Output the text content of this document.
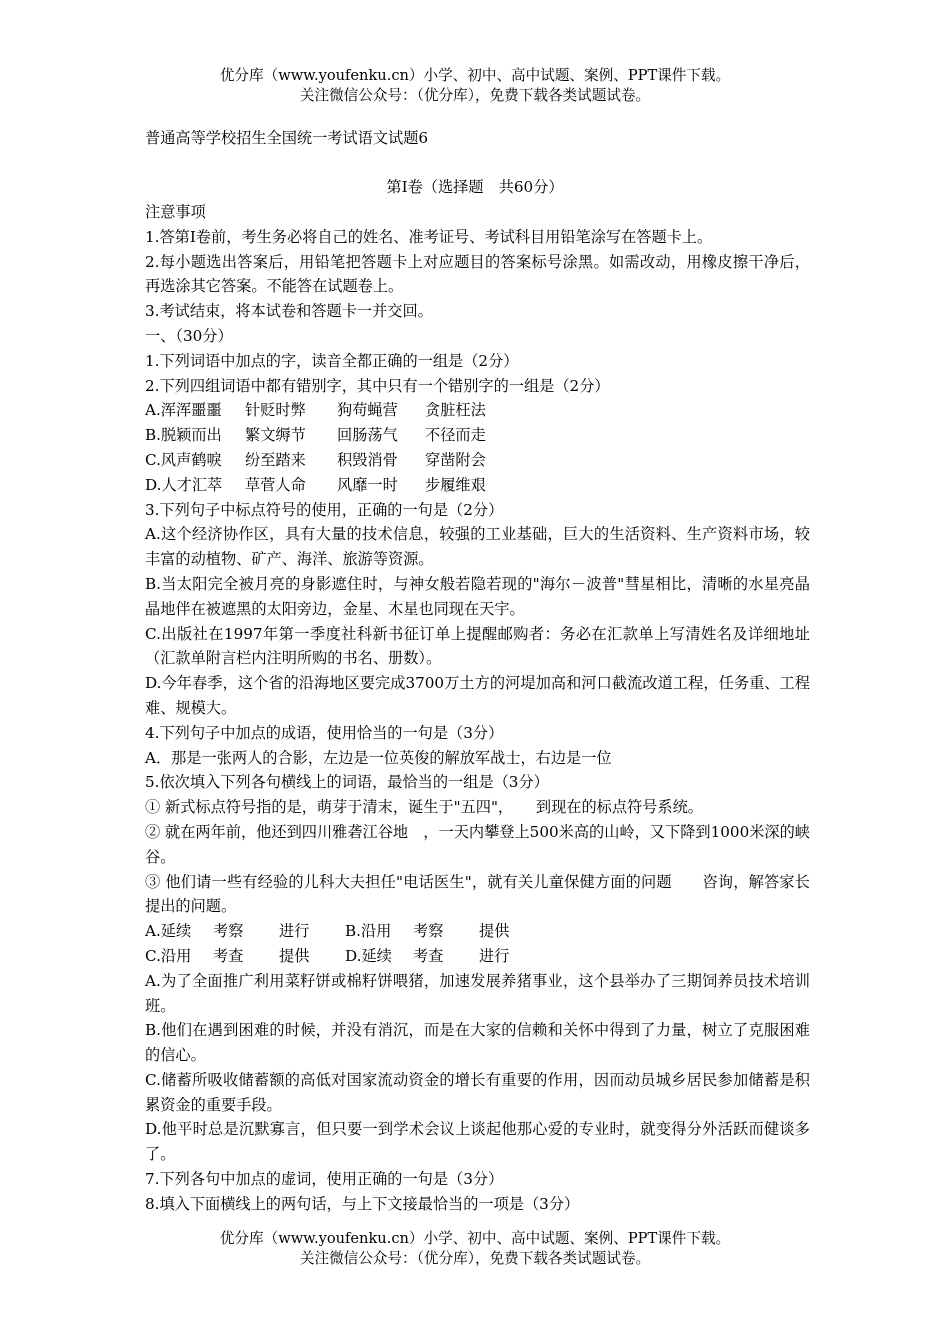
优分库（www.youfenku.cn）小学、初中、高中试题、案例、PPT课件下载。
关注微信公众号：（优分库），免费下载各类试题试卷。
普通高等学校招生全国统一考试语文试题6
第Ⅰ卷（选择题　共60分）

注意事项

1.答第Ⅰ卷前，考生务必将自己的姓名、准考证号、考试科目用铅笔涂写在答题卡上。

2.每小题选出答案后，用铅笔把答题卡上对应题目的答案标号涂黑。如需改动，用橡皮擦干净后，再选涂其它答案。不能答在试题卷上。

3.考试结束，将本试卷和答题卡一并交回。

一、（30分）

1.下列词语中加点的字，读音全都正确的一组是（2分）

2.下列四组词语中都有错别字，其中只有一个错别字的一组是（2分）

A.浑浑噩噩 针贬时弊 狗苟蝇营 贪脏枉法
B.脱颖而出 繁文缛节 回肠荡气 不径而走
C.风声鹤唳 纷至踏来 积毁消骨 穿凿附会
D.人才汇萃 草菅人命 风靡一时 步履维艰

3.下列句子中标点符号的使用，正确的一句是（2分）

A.这个经济协作区，具有大量的技术信息，较强的工业基础，巨大的生活资料、生产资料市场，较丰富的动植物、矿产、海洋、旅游等资源。

B.当太阳完全被月亮的身影遮住时，与神女般若隐若现的"海尔－波普"彗星相比，清晰的水星亮晶晶地伴在被遮黑的太阳旁边，金星、木星也同现在天宇。

C.出版社在1997年第一季度社科新书征订单上提醒邮购者：务必在汇款单上写清姓名及详细地址（汇款单附言栏内注明所购的书名、册数）。

D.今年春季，这个省的沿海地区要完成3700万土方的河堤加高和河口截流改道工程，任务重、工程难、规模大。

4.下列句子中加点的成语，使用恰当的一句是（3分）

A．那是一张两人的合影，左边是一位英俊的解放军战士，右边是一位

5.依次填入下列各句横线上的词语，最恰当的一组是（3分）

① 新式标点符号指的是，萌芽于清末，诞生于"五四"，　　到现在的标点符号系统。

② 就在两年前，他还到四川雅砻江谷地　，一天内攀登上500米高的山岭，又下降到1000米深的峡谷。

③ 他们请一些有经验的儿科大夫担任"电话医生"，就有关儿童保健方面的问题　　咨询，解答家长提出的问题。

A.延续 考察 进行 B.沿用 考察 提供
C.沿用 考查 提供 D.延续 考查 进行

A.为了全面推广利用菜籽饼或棉籽饼喂猪，加速发展养猪事业，这个县举办了三期饲养员技术培训班。

B.他们在遇到困难的时候，并没有消沉，而是在大家的信赖和关怀中得到了力量，树立了克服困难的信心。

C.储蓄所吸收储蓄额的高低对国家流动资金的增长有重要的作用，因而动员城乡居民参加储蓄是积累资金的重要手段。

D.他平时总是沉默寡言，但只要一到学术会议上谈起他那心爱的专业时，就变得分外活跃而健谈多了。

7.下列各句中加点的虚词，使用正确的一句是（3分）

8.填入下面横线上的两句话，与上下文接最恰当的一项是（3分）

优分库（www.youfenku.cn）小学、初中、高中试题、案例、PPT课件下载。
关注微信公众号：（优分库），免费下载各类试题试卷。
